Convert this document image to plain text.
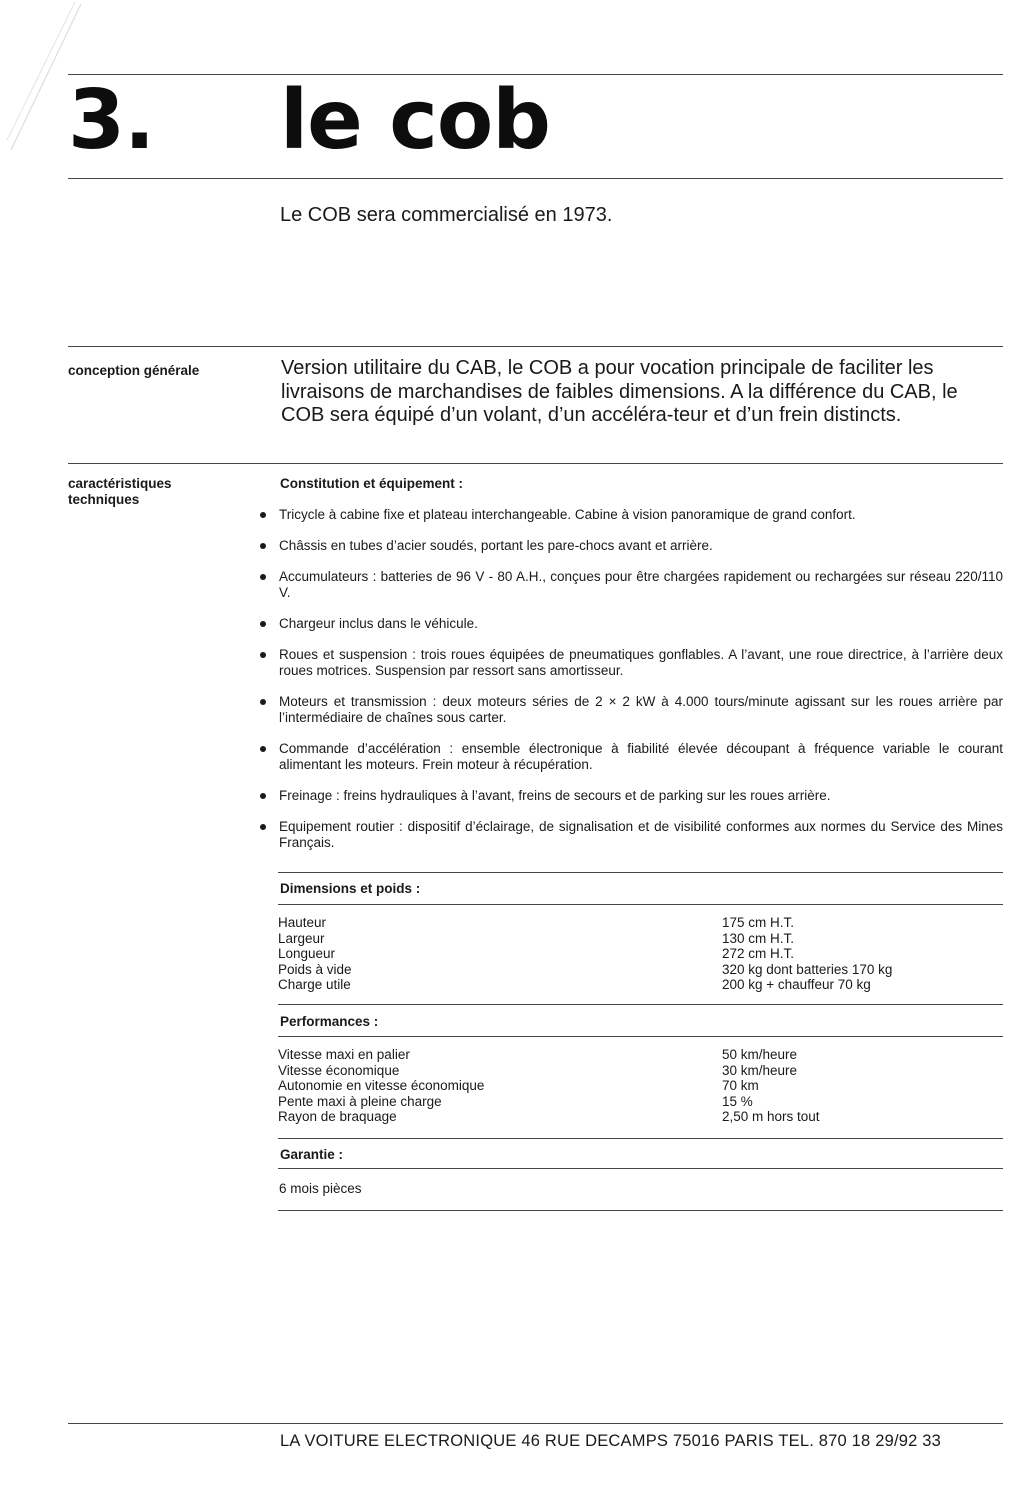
3. le cob
Le COB sera commercialisé en 1973.
conception générale	Version utilitaire du CAB, le COB a pour vocation principale de faciliter les livraisons de marchandises de faibles dimensions. A la différence du CAB, le COB sera équipé d’un volant, d’un accéléra-teur et d’un frein distincts.
caractéristiques
techniques
Constitution et équipement :
Tricycle à cabine fixe et plateau interchangeable. Cabine à vision panoramique de grand confort.
Châssis en tubes d’acier soudés, portant les pare-chocs avant et arrière.
Accumulateurs : batteries de 96 V - 80 A.H., conçues pour être chargées rapidement ou rechargées sur réseau 220/110 V.
Chargeur inclus dans le véhicule.
Roues et suspension : trois roues équipées de pneumatiques gonflables. A l’avant, une roue directrice, à l’arrière deux roues motrices. Suspension par ressort sans amortisseur.
Moteurs et transmission : deux moteurs séries de 2 × 2 kW à 4.000 tours/minute agissant sur les roues arrière par l’intermédiaire de chaînes sous carter.
Commande d’accélération : ensemble électronique à fiabilité élevée découpant à fréquence variable le courant alimentant les moteurs. Frein moteur à récupération.
Freinage : freins hydrauliques à l’avant, freins de secours et de parking sur les roues arrière.
Equipement routier : dispositif d’éclairage, de signalisation et de visibilité conformes aux normes du Service des Mines Français.
Dimensions et poids :
Hauteur	175 cm H.T.
Largeur	130 cm H.T.
Longueur	272 cm H.T.
Poids à vide	320 kg dont batteries 170 kg
Charge utile	200 kg + chauffeur 70 kg
Performances :
Vitesse maxi en palier	50 km/heure
Vitesse économique	30 km/heure
Autonomie en vitesse économique	70 km
Pente maxi à pleine charge	15 %
Rayon de braquage	2,50 m hors tout
Garantie :
6 mois pièces
LA VOITURE ELECTRONIQUE 46 RUE DECAMPS 75016 PARIS TEL. 870 18 29/92 33
